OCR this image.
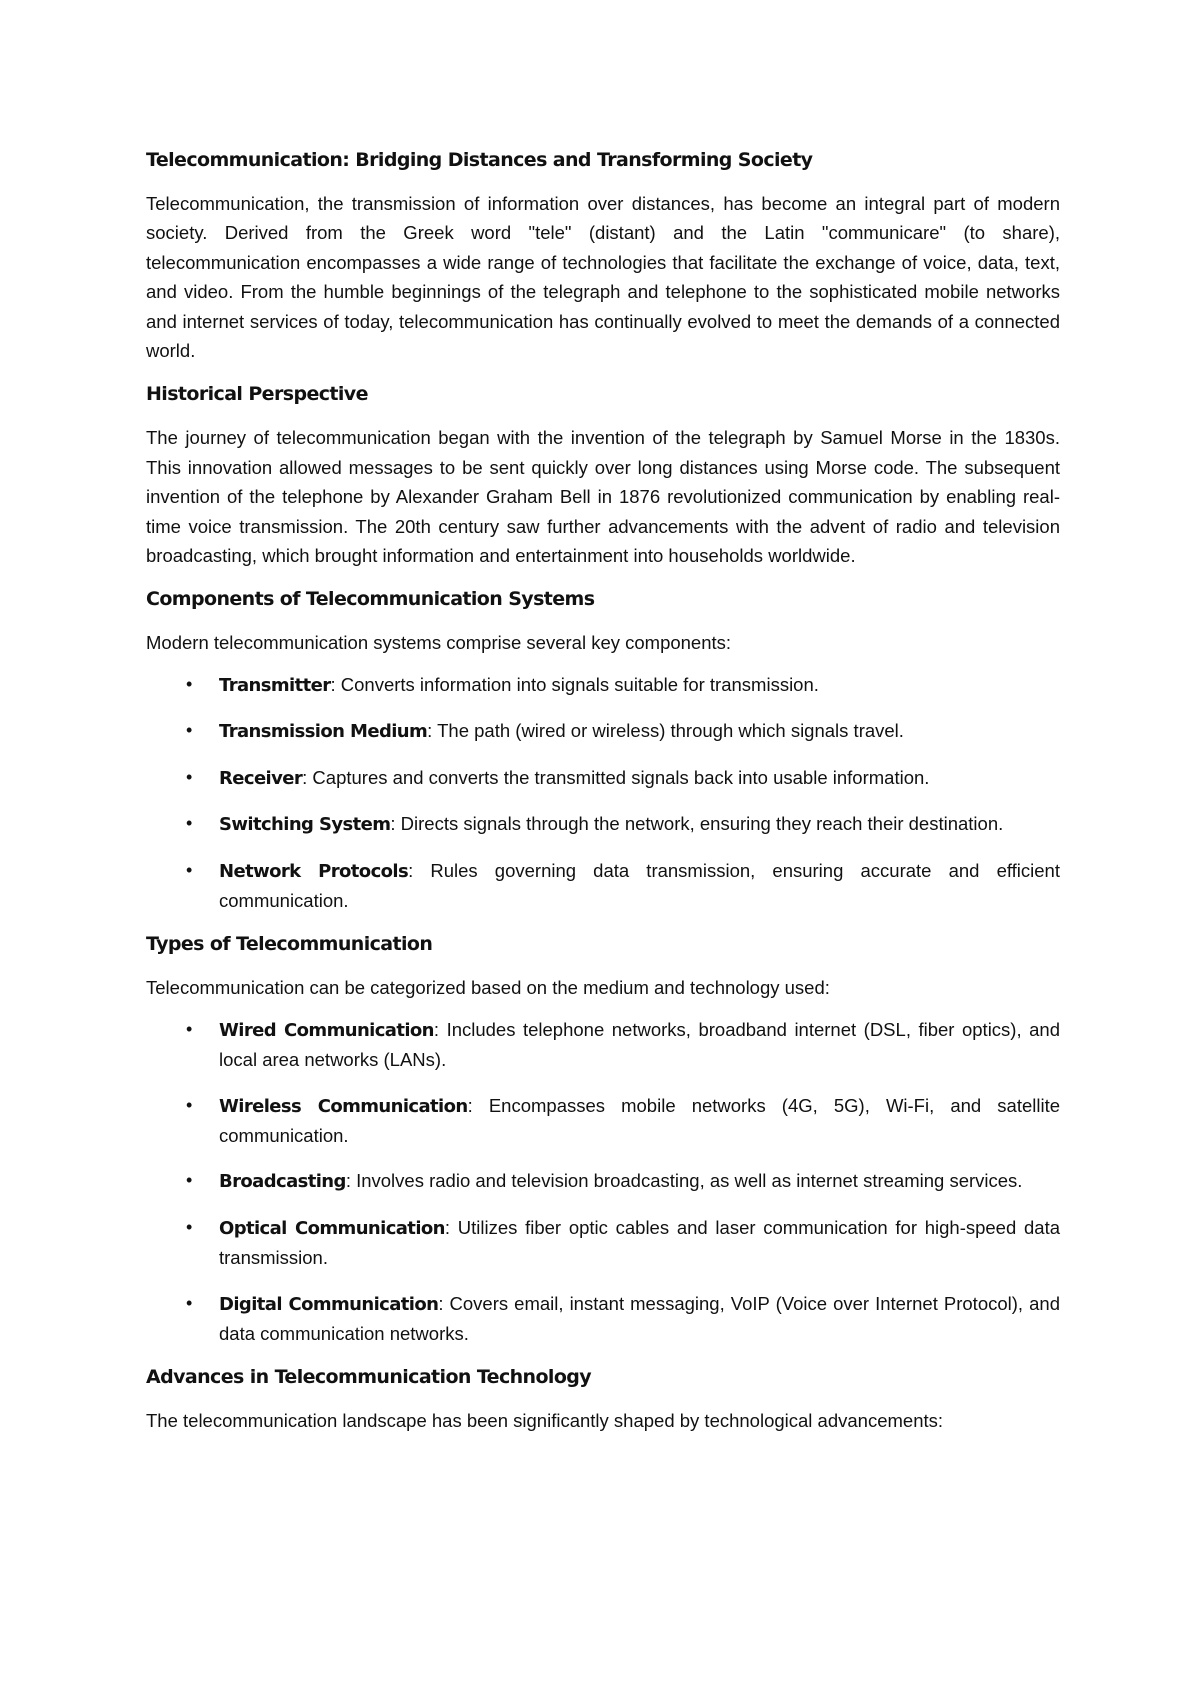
Telecommunication: Bridging Distances and Transforming Society

Telecommunication, the transmission of information over distances, has become an integral part of modern society. Derived from the Greek word "tele" (distant) and the Latin "communicare" (to share), telecommunication encompasses a wide range of technologies that facilitate the exchange of voice, data, text, and video. From the humble beginnings of the telegraph and telephone to the sophisticated mobile networks and internet services of today, telecommunication has continually evolved to meet the demands of a connected world.

Historical Perspective

The journey of telecommunication began with the invention of the telegraph by Samuel Morse in the 1830s. This innovation allowed messages to be sent quickly over long distances using Morse code. The subsequent invention of the telephone by Alexander Graham Bell in 1876 revolutionized communication by enabling real-time voice transmission. The 20th century saw further advancements with the advent of radio and television broadcasting, which brought information and entertainment into households worldwide.

Components of Telecommunication Systems

Modern telecommunication systems comprise several key components:

•	Transmitter: Converts information into signals suitable for transmission.
•	Transmission Medium: The path (wired or wireless) through which signals travel.
•	Receiver: Captures and converts the transmitted signals back into usable information.
•	Switching System: Directs signals through the network, ensuring they reach their destination.
•	Network Protocols: Rules governing data transmission, ensuring accurate and efficient communication.
Types of Telecommunication

Telecommunication can be categorized based on the medium and technology used:

•	Wired Communication: Includes telephone networks, broadband internet (DSL, fiber optics), and local area networks (LANs).
•	Wireless Communication: Encompasses mobile networks (4G, 5G), Wi-Fi, and satellite communication.
•	Broadcasting: Involves radio and television broadcasting, as well as internet streaming services.
•	Optical Communication: Utilizes fiber optic cables and laser communication for high-speed data transmission.
•	Digital Communication: Covers email, instant messaging, VoIP (Voice over Internet Protocol), and data communication networks.
Advances in Telecommunication Technology

The telecommunication landscape has been significantly shaped by technological advancements:
